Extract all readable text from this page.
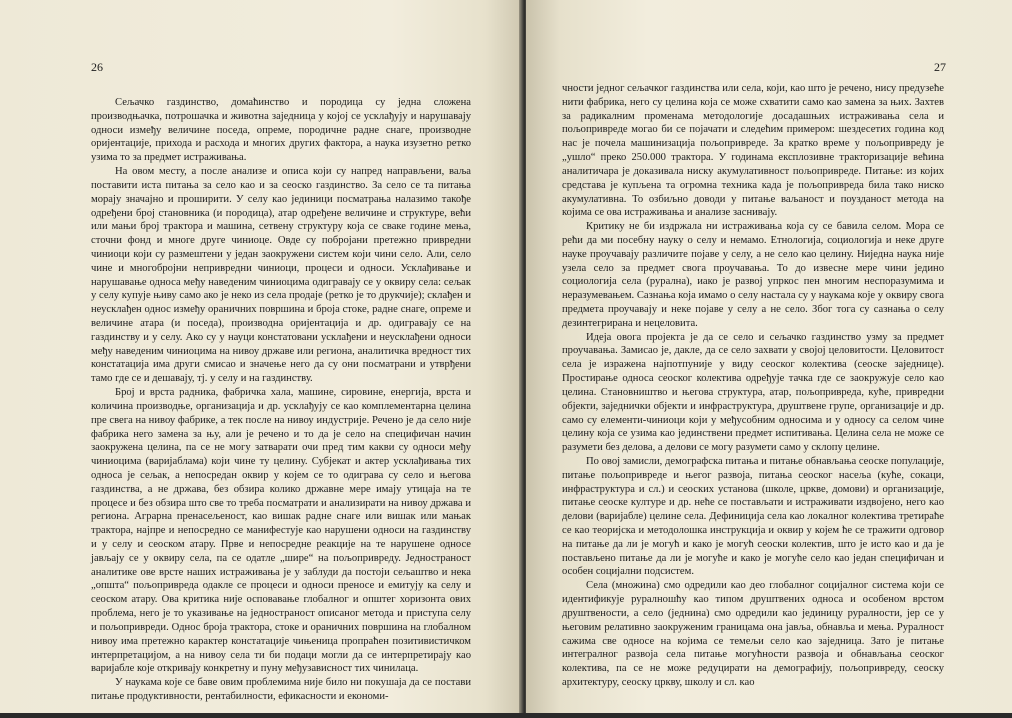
26

Сељачко газдинство, домаћинство и породица су једна сложена производњачка, потрошачка и животна заједница у којој се усклађују и нарушавају односи између величине поседа, опреме, породичне радне снаге, производне оријентације, прихода и расхода и многих других фактора, а наука изузетно ретко узима то за предмет истраживања.

На овом месту, а после анализе и описа који су напред направљени, ваља поставити иста питања за село као и за сеоско газдинство. За село се та питања морају значајно и проширити. У селу као јединици посматрања налазимо такође одређени број становника (и породица), атар одређене величине и структуре, већи или мањи број трактора и машина, сетвену структуру која се сваке године мења, сточни фонд и многе друге чиниоце. Овде су побројани претежно привредни чиниоци који су размештени у један заокружени систем који чини село. Али, село чине и многобројни непривредни чиниоци, процеси и односи. Усклађивање и нарушавање односа међу наведеним чиниоцима одигравају се у оквиру села: сељак у селу купује њиву само ако је неко из села продаје (ретко је то друкчије); склађен и неусклађен однос између ораничних површина и броја стоке, радне снаге, опреме и величине атара (и поседа), производна оријентација и др. одигравају се на газдинству и у селу. Ако су у науци констатовани усклађени и неусклађени односи међу наведеним чиниоцима на нивоу државе или региона, аналитичка вредност тих констатација има други смисао и значење него да су они посматрани и утврђени тамо где се и дешавају, тј. у селу и на газдинству.

Број и врста радника, фабричка хала, машине, сировине, енергија, врста и количина производње, организација и др. усклађују се као комплементарна целина пре свега на нивоу фабрике, а тек после на нивоу индустрије. Речено је да село није фабрика него замена за њу, али је речено и то да је село на специфичан начин заокружена целина, па се не могу затварати очи пред тим какви су односи међу чиниоцима (варијаблама) који чине ту целину. Субјекат и актер усклађивања тих односа је сељак, а непосредан оквир у којем се то одиграва су село и његова газдинства, а не држава, без обзира колико државне мере имају утицаја на те процесе и без обзира што све то треба посматрати и анализирати на нивоу држава и региона. Аграрна пренасељеност, као вишак радне снаге или вишак или мањак трактора, најпре и непосредно се манифестује као нарушени односи на газдинству и у селу и сеоском атару. Прве и непосредне реакције на те нарушене односе јављају се у оквиру села, па се одатле „шире“ на пољопривреду. Једностраност аналитике ове врсте наших истраживања је у заблуди да постоји сељаштво и нека „општа“ пољопривреда одакле се процеси и односи преносе и емитују ка селу и сеоском атару. Ова критика није осповавање глобалног и општег хоризонта ових проблема, него је то указивање на једностраност описаног метода и приступа селу и пољопривреди. Однос броја трактора, стоке и ораничних површина на глобалном нивоу има претежно карактер констатације чињеница пропраћен позитивистичком интерпретацијом, а на нивоу села ти би подаци могли да се интерпретирају као варијабле које откривају конкретну и пуну међузависност тих чинилаца.

У наукама које се баве овим проблемима није било ни покушаја да се постави питање продуктивности, рентабилности, ефикасности и економи-

27

чности једног сељачког газдинства или села, који, као што је речено, нису предузеће нити фабрика, него су целина која се може схватити само као замена за њих. Захтев за радикалним променама методологије досадашњих истраживања села и пољопривреде могао би се појачати и следећим примером: шездесетих година код нас је почела машинизација пољопривреде. За кратко време у пољопривреду је „ушло“ преко 250.000 трактора. У годинама експлозивне тракторизације већина аналитичара је доказивала ниску акумулативност пољопривреде. Питање: из којих средстава је купљена та огромна техника када је пољопривреда била тако ниско акумулативна. То озбиљно доводи у питање ваљаност и поузданост метода на којима се ова истраживања и анализе заснивају.

Критику не би издржала ни истраживања која су се бавила селом. Мора се рећи да ми посебну науку о селу и немамо. Етнологија, социологија и неке друге науке проучавају различите појаве у селу, а не село као целину. Ниједна наука није узела село за предмет свога проучавања. То до извесне мере чини једино социологија села (рурална), иако је развој упркос пен многим неспоразумима и неразумевањем. Сазнања која имамо о селу настала су у наукама које у оквиру свога предмета проучавају и неке појаве у селу а не село. Због тога су сазнања о селу дезинтегрирана и нецеловита.

Идеја овога пројекта је да се село и сељачко газдинство узму за предмет проучавања. Замисао је, дакле, да се село захвати у својој целовитости. Целовитост села је изражена најпотпуније у виду сеоског колектива (сеоске заједнице). Простирање односа сеоског колектива одређује тачка где се заокружује село као целина. Становништво и његова структура, атар, пољопривреда, куће, привредни објекти, заједнички објекти и инфраструктура, друштвене групе, организације и др. само су елементи-чиниоци који у међусобним односима и у односу са селом чине целину која се узима као јединствени предмет испитивања. Целина села не може се разумети без делова, а делови се могу разумети само у склопу целине.

По овој замисли, демографска питања и питање обнављања сеоске популације, питање пољопривреде и његог развоја, питања сеоског насеља (куће, сокаци, инфраструктура и сл.) и сеоских установа (школе, цркве, домови) и организације, питање сеоске културе и др. неће се постављати и истраживати издвојено, него као делови (варијабле) целине села. Дефиниција села као локалног колектива третираће се као теоријска и методолошка инструкција и оквир у којем ће се тражити одговор на питање да ли је могућ и како је могућ сеоски колектив, што је исто као и да је постављено питање да ли је могуће и како је могуће село као један специфичан и особен социјални подсистем.

Села (множина) смо одредили као део глобалног социјалног система који се идентификује руралношћу као типом друштвених односа и особеном врстом друштвености, а село (једнина) смо одредили као јединицу руралности, јер се у његовим релативно заокруженим границама она јавља, обнавља и мења. Руралност сажима све односе на којима се темељи село као заједница. Зато је питање интегралног развоја села питање могућности развоја и обнављања сеоског колектива, па се не може редуцирати на демографију, пољопривреду, сеоску архитектуру, сеоску цркву, школу и сл. као
